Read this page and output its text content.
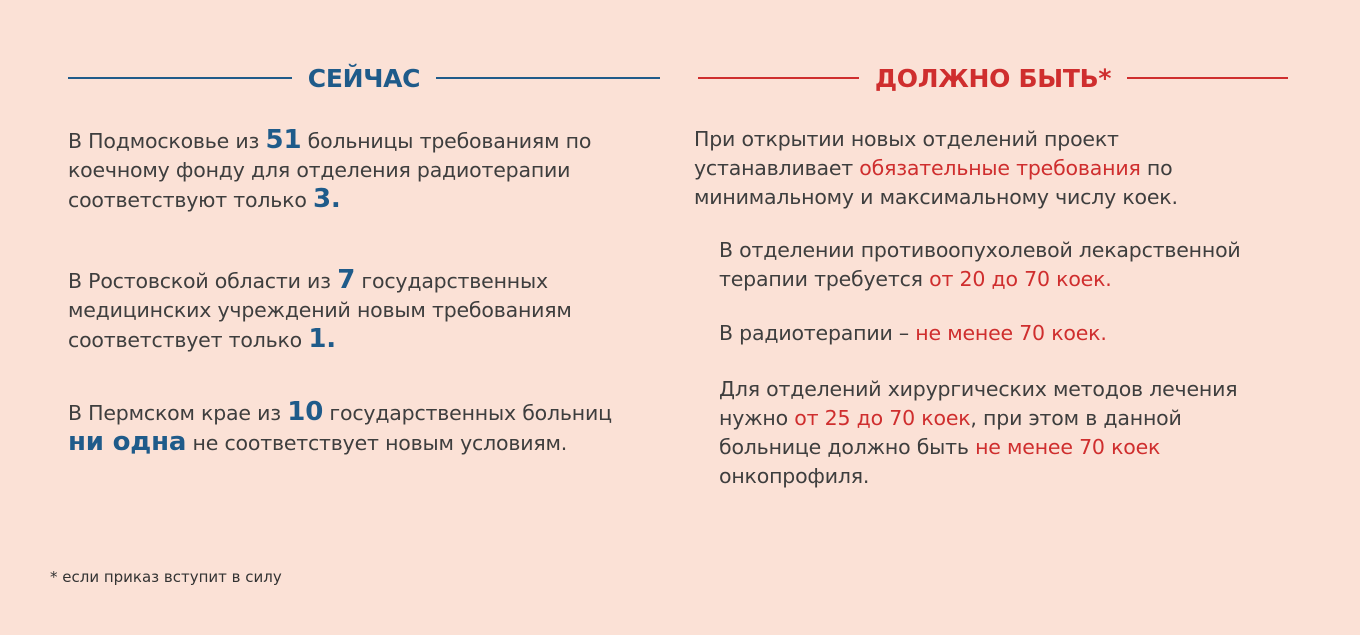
СЕЙЧАС	ДОЛЖНО БЫТЬ*
В Подмосковье из 51 больницы требованиям по коечному фонду для отделения радиотерапии соответствуют только 3.
В Ростовской области из 7 государственных медицинских учреждений новым требованиям соответствует только 1.
В Пермском крае из 10 государственных больниц ни одна не соответствует новым условиям.
При открытии новых отделений проект устанавливает обязательные требования по минимальному и максимальному числу коек.
В отделении противоопухолевой лекарственной терапии требуется от 20 до 70 коек.
В радиотерапии – не менее 70 коек.
Для отделений хирургических методов лечения нужно от 25 до 70 коек, при этом в данной больнице должно быть не менее 70 коек онкопрофиля.
* если приказ вступит в силу
